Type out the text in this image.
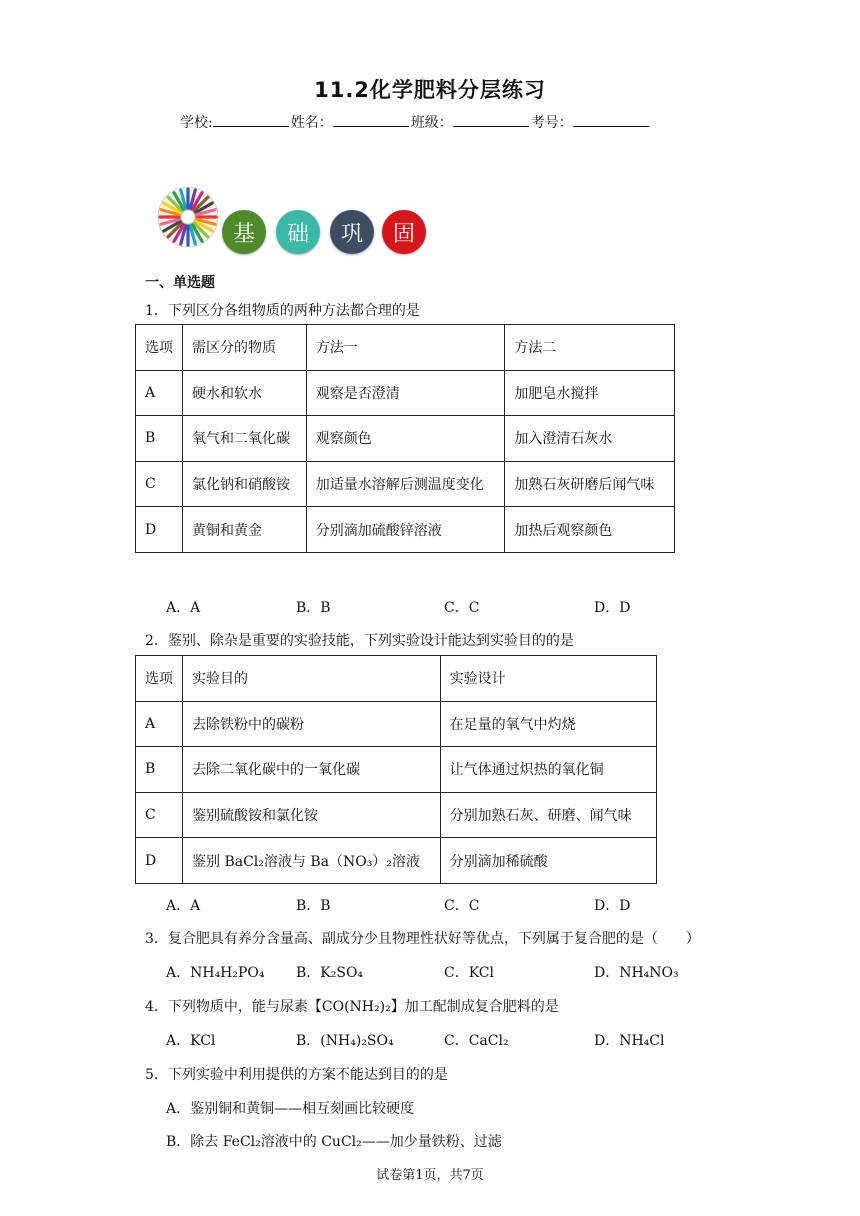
11.2化学肥料分层练习
学校:	姓名：	班级：	考号：
基	础	巩	固
一、单选题
1．下列区分各组物质的两种方法都合理的是
选项	需区分的物质	方法一	方法二
A	硬水和软水	观察是否澄清	加肥皂水搅拌
B	氧气和二氧化碳	观察颜色	加入澄清石灰水
C	氯化钠和硝酸铵	加适量水溶解后测温度变化	加熟石灰研磨后闻气味
D	黄铜和黄金	分别滴加硫酸锌溶液	加热后观察颜色
A．A	B．B	C．C	D．D
2．鉴别、除杂是重要的实验技能，下列实验设计能达到实验目的的是
选项	实验目的	实验设计
A	去除铁粉中的碳粉	在足量的氧气中灼烧
B	去除二氧化碳中的一氧化碳	让气体通过炽热的氧化铜
C	鉴别硫酸铵和氯化铵	分别加熟石灰、研磨、闻气味
D	鉴别 BaCl₂溶液与 Ba（NO₃）₂溶液	分别滴加稀硫酸
A．A	B．B	C．C	D．D
3．复合肥具有养分含量高、副成分少且物理性状好等优点，下列属于复合肥的是（　　）
A．NH₄H₂PO₄ B．K₂SO₄	C．KCl	D．NH₄NO₃
4．下列物质中，能与尿素【CO(NH₂)₂】加工配制成复合肥料的是
A．KCl	B．(NH₄)₂SO₄	C．CaCl₂	D．NH₄Cl
5．下列实验中利用提供的方案不能达到目的的是
A．鉴别铜和黄铜——相互刻画比较硬度
B．除去 FeCl₂溶液中的 CuCl₂——加少量铁粉、过滤
试卷第1页，共7页
